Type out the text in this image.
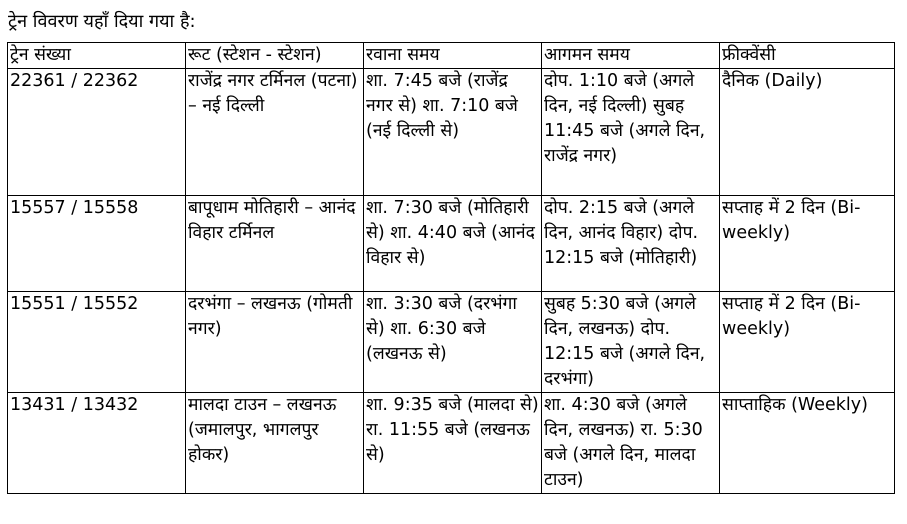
ट्रेन विवरण यहाँ दिया गया है:
ट्रेन संख्या	रूट (स्टेशन - स्टेशन)	रवाना समय	आगमन समय	फ्रीक्वेंसी
22361 / 22362	राजेंद्र नगर टर्मिनल (पटना) – नई दिल्ली	शा. 7:45 बजे (राजेंद्र नगर से) शा. 7:10 बजे (नई दिल्ली से)	दोप. 1:10 बजे (अगले दिन, नई दिल्ली) सुबह 11:45 बजे (अगले दिन, राजेंद्र नगर)	दैनिक (Daily)
15557 / 15558	बापूधाम मोतिहारी – आनंद विहार टर्मिनल	शा. 7:30 बजे (मोतिहारी से) शा. 4:40 बजे (आनंद विहार से)	दोप. 2:15 बजे (अगले दिन, आनंद विहार) दोप. 12:15 बजे (मोतिहारी)	सप्ताह में 2 दिन (Bi-weekly)
15551 / 15552	दरभंगा – लखनऊ (गोमती नगर)	शा. 3:30 बजे (दरभंगा से) शा. 6:30 बजे (लखनऊ से)	सुबह 5:30 बजे (अगले दिन, लखनऊ) दोप. 12:15 बजे (अगले दिन, दरभंगा)	सप्ताह में 2 दिन (Bi-weekly)
13431 / 13432	मालदा टाउन – लखनऊ (जमालपुर, भागलपुर होकर)	शा. 9:35 बजे (मालदा से) रा. 11:55 बजे (लखनऊ से)	शा. 4:30 बजे (अगले दिन, लखनऊ) रा. 5:30 बजे (अगले दिन, मालदा टाउन)	साप्ताहिक (Weekly)
